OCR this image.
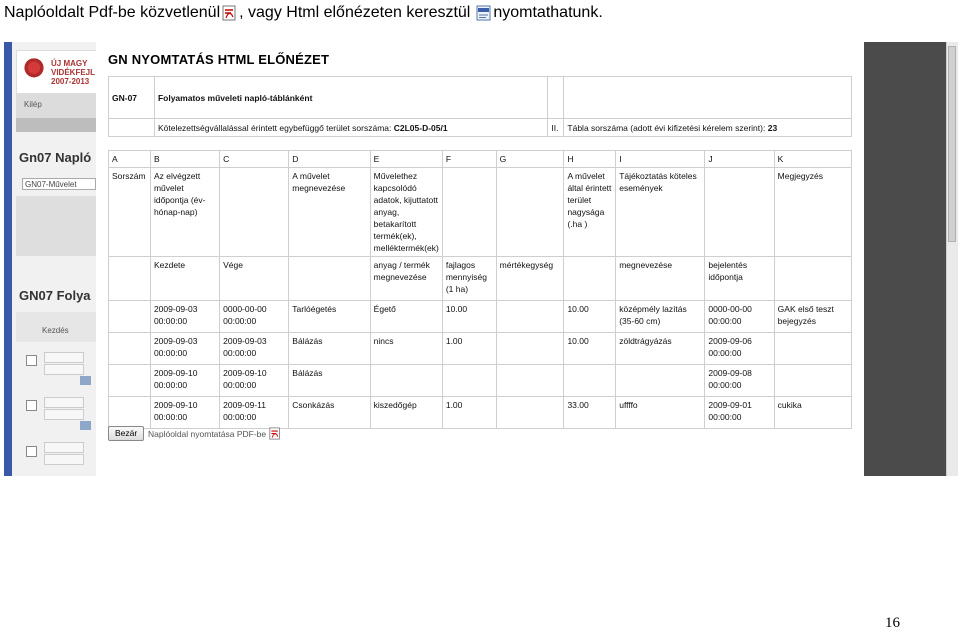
Naplóoldalt Pdf-be közvetlenül , vagy Html előnézeten keresztül nyomtathatunk.
ÚJ MAGY
VIDÉKFEJL
2007-2013
Kilép
Gn07 Napló
GN07-Művelet
GN07 Folya
Kezdés
GN NYOMTATÁS HTML ELŐNÉZET
GN-07	Folyamatos műveleti napló-táblánként		
	Kötelezettségvállalással érintett egybefüggő terület sorszáma: C2L05-D-05/1	II.	Tábla sorszáma (adott évi kifizetési kérelem szerint): 23
A	B	C	D	E	F	G	H	I	J	K
Sorszám	Az elvégzett művelet időpontja (év-hónap-nap)		A művelet megnevezése	Művelethez kapcsolódó adatok, kijuttatott anyag, betakarított termék(ek), melléktermék(ek)			A művelet által érintett terület nagysága (.ha )	Tájékoztatás köteles események		Megjegyzés
	Kezdete	Vége		anyag / termék megnevezése	fajlagos mennyiség (1 ha)	mértékegység		megnevezése	bejelentés időpontja	
	2009-09-03 00:00:00	0000-00-00 00:00:00	Tarlóégetés	Égető	10.00		10.00	középmély lazítás (35-60 cm)	0000-00-00 00:00:00	GAK első teszt bejegyzés
	2009-09-03 00:00:00	2009-09-03 00:00:00	Bálázás	nincs	1.00		10.00	zöldtrágyázás	2009-09-06 00:00:00	
	2009-09-10 00:00:00	2009-09-10 00:00:00	Bálázás						2009-09-08 00:00:00	
	2009-09-10 00:00:00	2009-09-11 00:00:00	Csonkázás	kiszedőgép	1.00		33.00	uffffo	2009-09-01 00:00:00	cukika
Bezár	Naplóoldal nyomtatása PDF-be
16
